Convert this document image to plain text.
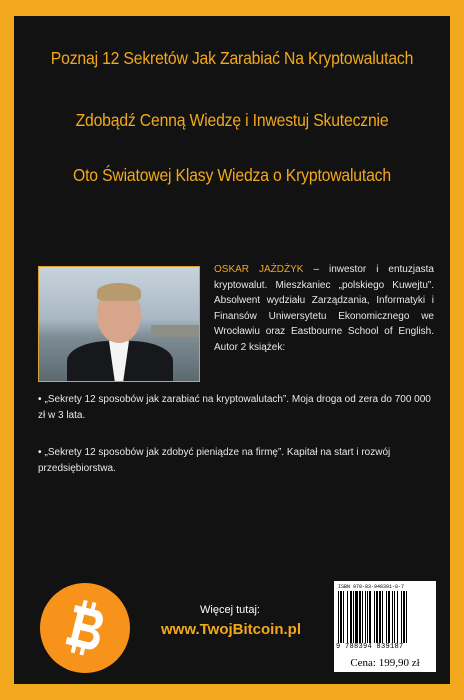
Poznaj 12 Sekretów Jak Zarabiać Na Kryptowalutach
Zdobądź Cenną Wiedzę i Inwestuj Skutecznie
Oto Światowej Klasy Wiedza o Kryptowalutach
OSKAR JAŻDŻYK – inwestor i entuzjasta kryptowalut. Mieszkaniec „polskiego Kuwejtu”. Absolwent wydziału Zarządzania, Informatyki i Finansów Uniwersytetu Ekonomicznego we Wrocławiu oraz Eastbourne School of English. Autor 2 książek:
• „Sekrety 12 sposobów jak zarabiać na kryptowalutach”. Moja droga od zera do 700 000 zł w 3 lata.
• „Sekrety 12 sposobów jak zdobyć pieniądze na firmę”. Kapitał na start i rozwój przedsiębiorstwa.
Więcej tutaj:
www.TwojBitcoin.pl
ISBN 978-83-948391-8-7
9 788394 839187
Cena: 199,90 zł
